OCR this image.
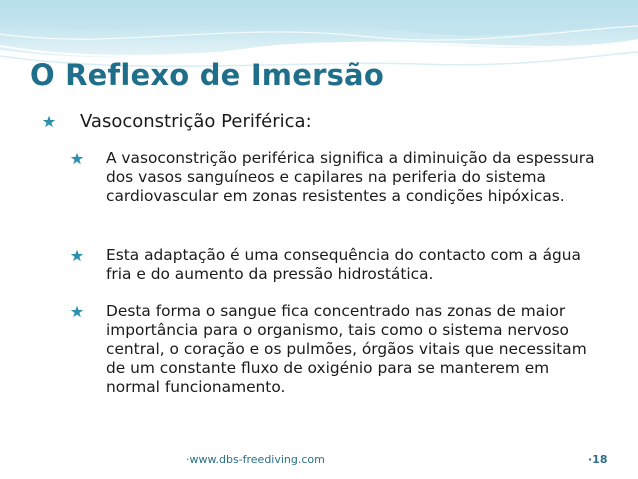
O Reflexo de Imersão
Vasoconstrição Periférica:
A vasoconstrição periférica significa a diminuição da espessura dos vasos sanguíneos e capilares na periferia do sistema cardiovascular em zonas resistentes a condições hipóxicas.
Esta adaptação é uma consequência do contacto com a água fria e do aumento da pressão hidrostática.
Desta forma o sangue fica concentrado nas zonas de maior importância para o organismo, tais como o sistema nervoso central, o coração e os pulmões, órgãos vitais que necessitam de um constante fluxo de oxigénio para se manterem em normal funcionamento.
·www.dbs-freediving.com	·18
